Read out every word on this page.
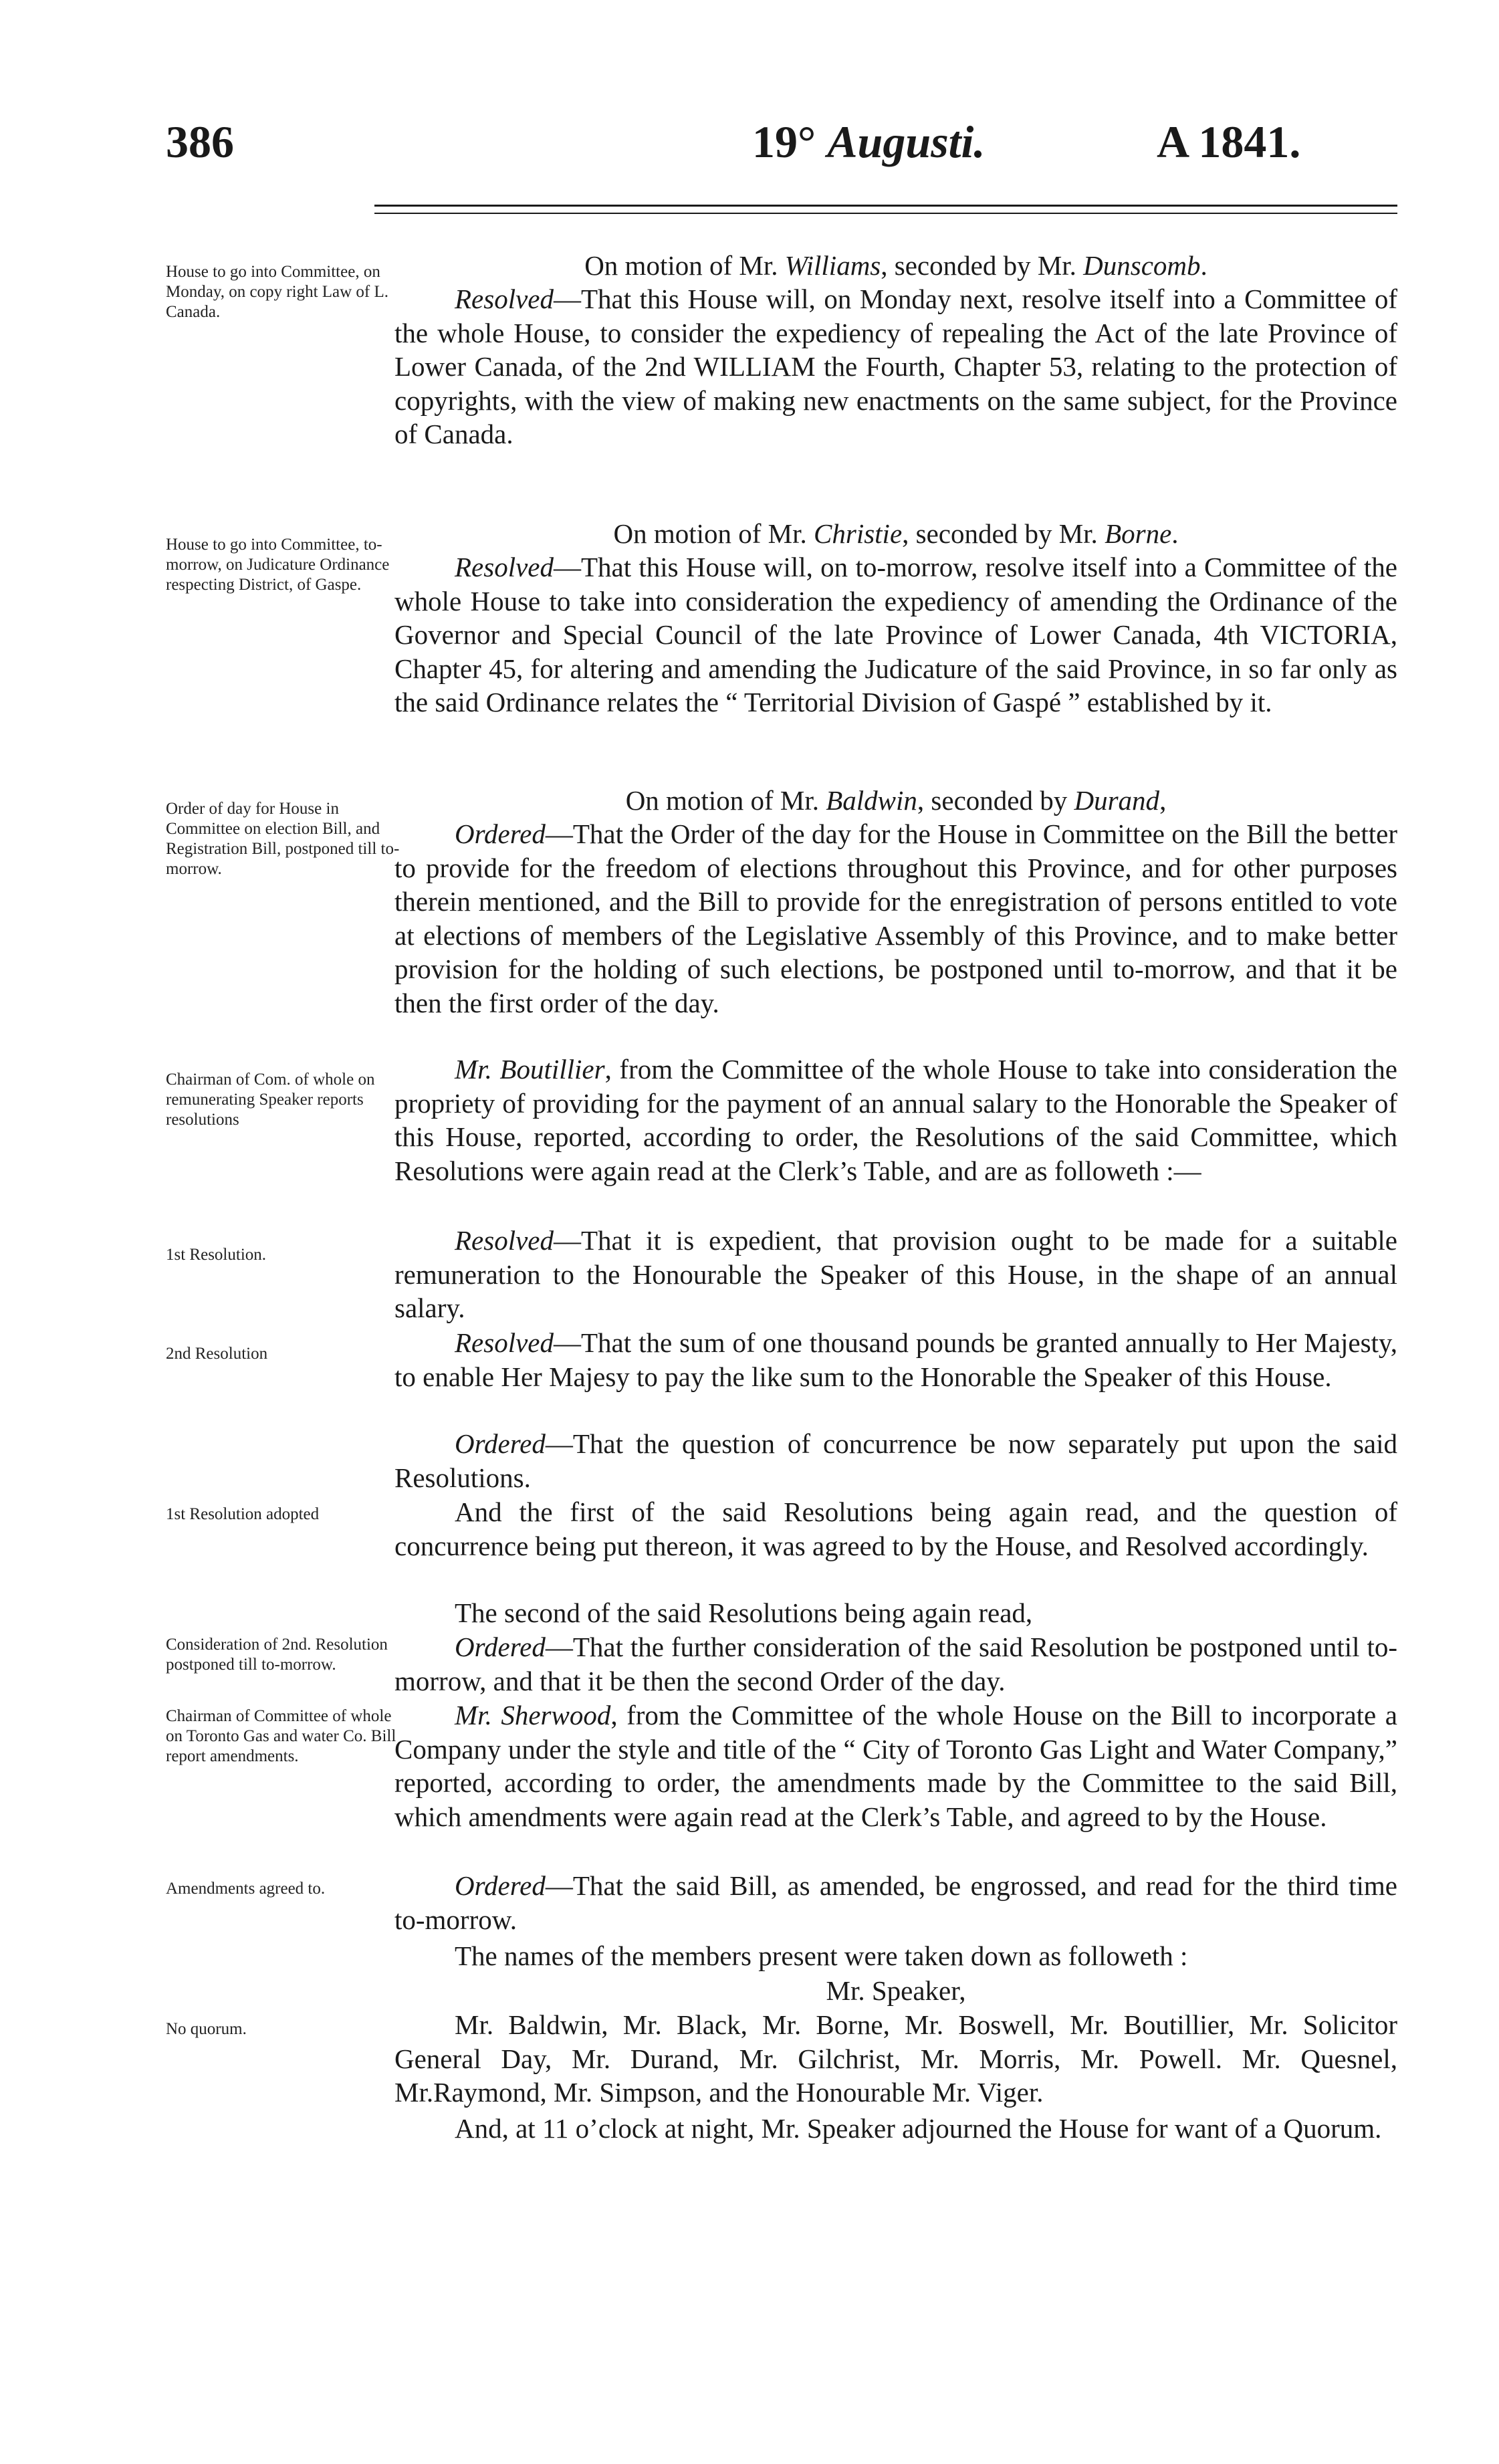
386	19° Augusti.	A 1841.
House to go into Committee, on Monday, on copy right Law of L. Canada.
On motion of Mr. Williams, seconded by Mr. Dunscomb.
Resolved—That this House will, on Monday next, resolve itself into a Committee of the whole House, to consider the expediency of repealing the Act of the late Province of Lower Canada, of the 2nd WILLIAM the Fourth, Chapter 53, relating to the protection of copyrights, with the view of making new enactments on the same subject, for the Province of Canada.
House to go into Committee, to-morrow, on Judicature Ordinance respecting District, of Gaspe.
On motion of Mr. Christie, seconded by Mr. Borne.
Resolved—That this House will, on to-morrow, resolve itself into a Committee of the whole House to take into consideration the expediency of amending the Ordinance of the Governor and Special Council of the late Province of Lower Canada, 4th VICTORIA, Chapter 45, for altering and amending the Judicature of the said Province, in so far only as the said Ordinance relates the “ Territorial Division of Gaspé ” established by it.
Order of day for House in Committee on election Bill, and Registration Bill, postponed till to-morrow.
On motion of Mr. Baldwin, seconded by Durand,
Ordered—That the Order of the day for the House in Committee on the Bill the better to provide for the freedom of elections throughout this Province, and for other purposes therein mentioned, and the Bill to provide for the enregistration of persons entitled to vote at elections of members of the Legislative Assembly of this Province, and to make better provision for the holding of such elections, be postponed until to-morrow, and that it be then the first order of the day.
Chairman of Com. of whole on remunerating Speaker reports resolutions
Mr. Boutillier, from the Committee of the whole House to take into consideration the propriety of providing for the payment of an annual salary to the Honorable the Speaker of this House, reported, according to order, the Resolutions of the said Committee, which Resolutions were again read at the Clerk’s Table, and are as followeth :—
1st Resolution.	Resolved—That it is expedient, that provision ought to be made for a suitable remuneration to the Honourable the Speaker of this House, in the shape of an annual salary.
2nd Resolution	Resolved—That the sum of one thousand pounds be granted annually to Her Majesty, to enable Her Majesy to pay the like sum to the Honorable the Speaker of this House.
Ordered—That the question of concurrence be now separately put upon the said Resolutions.
1st Resolution adopted	And the first of the said Resolutions being again read, and the question of concurrence being put thereon, it was agreed to by the House, and Resolved accordingly.
The second of the said Resolutions being again read,
Consideration of 2nd. Resolution postponed till to-morrow.
Ordered—That the further consideration of the said Resolution be postponed until to-morrow, and that it be then the second Order of the day.
Chairman of Committee of whole on Toronto Gas and water Co. Bill report amendments.
Mr. Sherwood, from the Committee of the whole House on the Bill to incorporate a Company under the style and title of the “ City of Toronto Gas Light and Water Company,” reported, according to order, the amendments made by the Committee to the said Bill, which amendments were again read at the Clerk’s Table, and agreed to by the House.
Amendments agreed to.	Ordered—That the said Bill, as amended, be engrossed, and read for the third time to-morrow.
The names of the members present were taken down as followeth :
No quorum.
Mr. Speaker,
Mr. Baldwin, Mr. Black, Mr. Borne, Mr. Boswell, Mr. Boutillier, Mr. Solicitor General Day, Mr. Durand, Mr. Gilchrist, Mr. Morris, Mr. Powell. Mr. Quesnel, Mr.Raymond, Mr. Simpson, and the Honourable Mr. Viger.
And, at 11 o’clock at night, Mr. Speaker adjourned the House for want of a Quorum.
